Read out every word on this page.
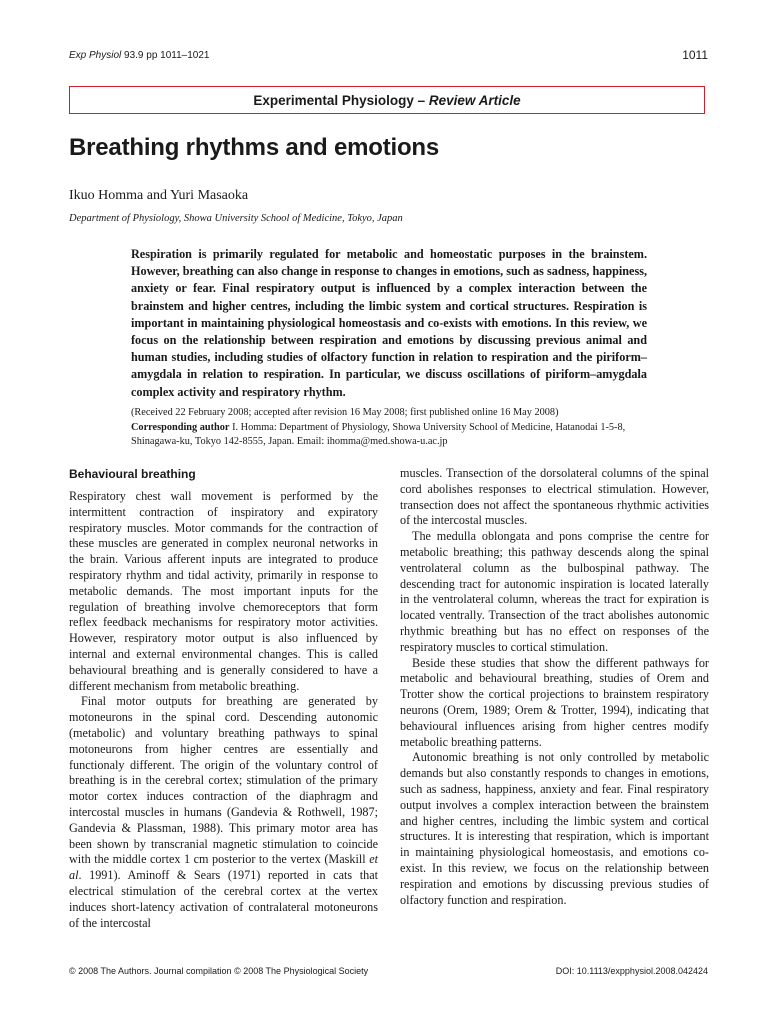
Exp Physiol 93.9 pp 1011–1021	1011
Experimental Physiology – Review Article
Breathing rhythms and emotions
Ikuo Homma and Yuri Masaoka
Department of Physiology, Showa University School of Medicine, Tokyo, Japan

Respiration is primarily regulated for metabolic and homeostatic purposes in the brainstem. However, breathing can also change in response to changes in emotions, such as sadness, happiness, anxiety or fear. Final respiratory output is influenced by a complex interaction between the brainstem and higher centres, including the limbic system and cortical structures. Respiration is important in maintaining physiological homeostasis and co-exists with emotions. In this review, we focus on the relationship between respiration and emotions by discussing previous animal and human studies, including studies of olfactory function in relation to respiration and the piriform–amygdala in relation to respiration. In particular, we discuss oscillations of piriform–amygdala complex activity and respiratory rhythm.

(Received 22 February 2008; accepted after revision 16 May 2008; first published online 16 May 2008)
Corresponding author I. Homma: Department of Physiology, Showa University School of Medicine, Hatanodai 1-5-8, Shinagawa-ku, Tokyo 142-8555, Japan. Email: ihomma@med.showa-u.ac.jp
Behavioural breathing

Respiratory chest wall movement is performed by the intermittent contraction of inspiratory and expiratory respiratory muscles. Motor commands for the contraction of these muscles are generated in complex neuronal networks in the brain. Various afferent inputs are integrated to produce respiratory rhythm and tidal activity, primarily in response to metabolic demands. The most important inputs for the regulation of breathing involve chemoreceptors that form reflex feedback mechanisms for respiratory motor activities. However, respiratory motor output is also influenced by internal and external environmental changes. This is called behavioural breathing and is generally considered to have a different mechanism from metabolic breathing.

Final motor outputs for breathing are generated by motoneurons in the spinal cord. Descending autonomic (metabolic) and voluntary breathing pathways to spinal motoneurons from higher centres are essentially and functionaly different. The origin of the voluntary control of breathing is in the cerebral cortex; stimulation of the primary motor cortex induces contraction of the diaphragm and intercostal muscles in humans (Gandevia & Rothwell, 1987; Gandevia & Plassman, 1988). This primary motor area has been shown by transcranial magnetic stimulation to coincide with the middle cortex 1 cm posterior to the vertex (Maskill et al. 1991). Aminoff & Sears (1971) reported in cats that electrical stimulation of the cerebral cortex at the vertex induces short-latency activation of contralateral motoneurons of the intercostal

muscles. Transection of the dorsolateral columns of the spinal cord abolishes responses to electrical stimulation. However, transection does not affect the spontaneous rhythmic activities of the intercostal muscles.

The medulla oblongata and pons comprise the centre for metabolic breathing; this pathway descends along the spinal ventrolateral column as the bulbospinal pathway. The descending tract for autonomic inspiration is located laterally in the ventrolateral column, whereas the tract for expiration is located ventrally. Transection of the tract abolishes autonomic rhythmic breathing but has no effect on responses of the respiratory muscles to cortical stimulation.

Beside these studies that show the different pathways for metabolic and behavioural breathing, studies of Orem and Trotter show the cortical projections to brainstem respiratory neurons (Orem, 1989; Orem & Trotter, 1994), indicating that behavioural influences arising from higher centres modify metabolic breathing patterns.

Autonomic breathing is not only controlled by metabolic demands but also constantly responds to changes in emotions, such as sadness, happiness, anxiety and fear. Final respiratory output involves a complex interaction between the brainstem and higher centres, including the limbic system and cortical structures. It is interesting that respiration, which is important in maintaining physiological homeostasis, and emotions co-exist. In this review, we focus on the relationship between respiration and emotions by discussing previous studies of olfactory function and respiration.

© 2008 The Authors. Journal compilation © 2008 The Physiological Society	DOI: 10.1113/expphysiol.2008.042424
